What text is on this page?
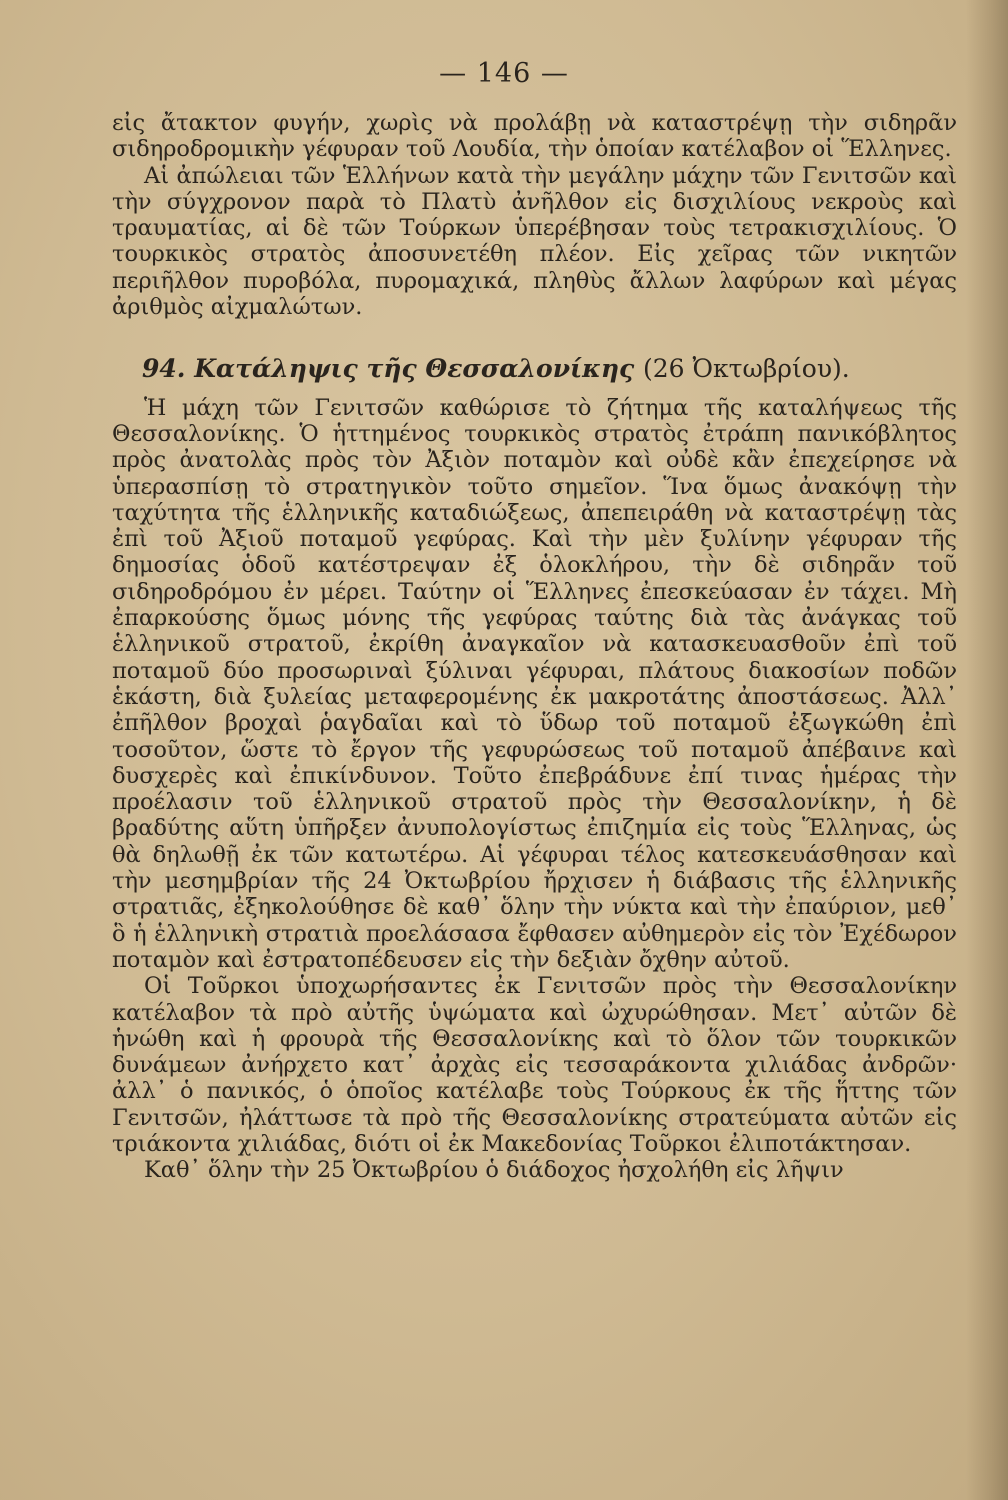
— 146 —

εἰς ἄτακτον φυγήν, χωρὶς νὰ προλάβῃ νὰ καταστρέψῃ τὴν σιδηρᾶν σιδηροδρομικὴν γέφυραν τοῦ Λουδία, τὴν ὁποίαν κατέλαβον οἱ Ἕλληνες.

Αἱ ἀπώλειαι τῶν Ἑλλήνων κατὰ τὴν μεγάλην μάχην τῶν Γενιτσῶν καὶ τὴν σύγχρονον παρὰ τὸ Πλατὺ ἀνῆλθον εἰς δισχιλίους νεκροὺς καὶ τραυματίας, αἱ δὲ τῶν Τούρκων ὑπερέβησαν τοὺς τετρακισχιλίους. Ὁ τουρκικὸς στρατὸς ἀποσυνετέθη πλέον. Εἰς χεῖρας τῶν νικητῶν περιῆλθον πυροβόλα, πυρομαχικά, πληθὺς ἄλλων λαφύρων καὶ μέγας ἀριθμὸς αἰχμαλώτων.

94. Κατάληψις τῆς Θεσσαλονίκης (26 Ὀκτωβρίου).

Ἡ μάχη τῶν Γενιτσῶν καθώρισε τὸ ζήτημα τῆς καταλήψεως τῆς Θεσσαλονίκης. Ὁ ἡττημένος τουρκικὸς στρατὸς ἐτράπη πανικόβλητος πρὸς ἀνατολὰς πρὸς τὸν Ἀξιὸν ποταμὸν καὶ οὐδὲ κἂν ἐπεχείρησε νὰ ὑπερασπίσῃ τὸ στρατηγικὸν τοῦτο σημεῖον. Ἵνα ὅμως ἀνακόψῃ τὴν ταχύτητα τῆς ἑλληνικῆς καταδιώξεως, ἀπεπειράθη νὰ καταστρέψῃ τὰς ἐπὶ τοῦ Ἀξιοῦ ποταμοῦ γεφύρας. Καὶ τὴν μὲν ξυλίνην γέφυραν τῆς δημοσίας ὁδοῦ κατέστρεψαν ἐξ ὁλοκλήρου, τὴν δὲ σιδηρᾶν τοῦ σιδηροδρόμου ἐν μέρει. Ταύτην οἱ Ἕλληνες ἐπεσκεύασαν ἐν τάχει. Μὴ ἐπαρκούσης ὅμως μόνης τῆς γεφύρας ταύτης διὰ τὰς ἀνάγκας τοῦ ἑλληνικοῦ στρατοῦ, ἐκρίθη ἀναγκαῖον νὰ κατασκευασθοῦν ἐπὶ τοῦ ποταμοῦ δύο προσωριναὶ ξύλιναι γέφυραι, πλάτους διακοσίων ποδῶν ἑκάστη, διὰ ξυλείας μεταφερομένης ἐκ μακροτάτης ἀποστάσεως. Ἀλλ᾿ ἐπῆλθον βροχαὶ ῥαγδαῖαι καὶ τὸ ὕδωρ τοῦ ποταμοῦ ἐξωγκώθη ἐπὶ τοσοῦτον, ὥστε τὸ ἔργον τῆς γεφυρώσεως τοῦ ποταμοῦ ἀπέβαινε καὶ δυσχερὲς καὶ ἐπικίνδυνον. Τοῦτο ἐπεβράδυνε ἐπί τινας ἡμέρας τὴν προέλασιν τοῦ ἑλληνικοῦ στρατοῦ πρὸς τὴν Θεσσαλονίκην, ἡ δὲ βραδύτης αὕτη ὑπῆρξεν ἀνυπολογίστως ἐπιζημία εἰς τοὺς Ἕλληνας, ὡς θὰ δηλωθῇ ἐκ τῶν κατωτέρω. Αἱ γέφυραι τέλος κατεσκευάσθησαν καὶ τὴν μεσημβρίαν τῆς 24 Ὀκτωβρίου ἤρχισεν ἡ διάβασις τῆς ἑλληνικῆς στρατιᾶς, ἐξηκολούθησε δὲ καθ᾿ ὅλην τὴν νύκτα καὶ τὴν ἐπαύριον, μεθ᾿ ὃ ἡ ἑλληνικὴ στρατιὰ προελάσασα ἔφθασεν αὐθημερὸν εἰς τὸν Ἐχέδωρον ποταμὸν καὶ ἐστρατοπέδευσεν εἰς τὴν δεξιὰν ὄχθην αὐτοῦ.

Οἱ Τοῦρκοι ὑποχωρήσαντες ἐκ Γενιτσῶν πρὸς τὴν Θεσσαλονίκην κατέλαβον τὰ πρὸ αὐτῆς ὑψώματα καὶ ὠχυρώθησαν. Μετ᾿ αὐτῶν δὲ ἡνώθη καὶ ἡ φρουρὰ τῆς Θεσσαλονίκης καὶ τὸ ὅλον τῶν τουρκικῶν δυνάμεων ἀνήρχετο κατ᾿ ἀρχὰς εἰς τεσσαράκοντα χιλιάδας ἀνδρῶν· ἀλλ᾿ ὁ πανικός, ὁ ὁποῖος κατέλαβε τοὺς Τούρκους ἐκ τῆς ἥττης τῶν Γενιτσῶν, ἠλάττωσε τὰ πρὸ τῆς Θεσσαλονίκης στρατεύματα αὐτῶν εἰς τριάκοντα χιλιάδας, διότι οἱ ἐκ Μακεδονίας Τοῦρκοι ἐλιποτάκτησαν.

Καθ᾿ ὅλην τὴν 25 Ὀκτωβρίου ὁ διάδοχος ἠσχολήθη εἰς λῆψιν
